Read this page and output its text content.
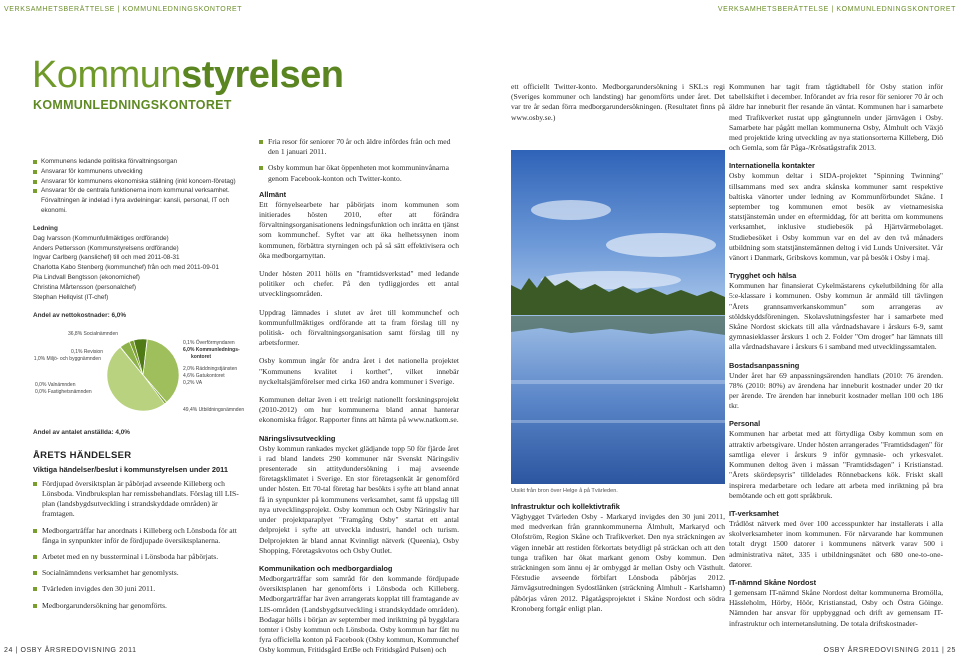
VERKSAMHETSBERÄTTELSE | KOMMUNLEDNINGSKONTORET	VERKSAMHETSBERÄTTELSE | KOMMUNLEDNINGSKONTORET
Kommunstyrelsen
KOMMUNLEDNINGSKONTORET
Kommunens ledande politiska förvaltningsorgan
Ansvarar för kommunens utveckling
Ansvarar för kommunens ekonomiska ställning (inkl koncern-företag)
Ansvarar för de centrala funktionerna inom kommunal verksamhet. Förvaltningen är indelad i fyra avdelningar: kansli, personal, IT och ekonomi.
Ledning
Dag Ivarsson (Kommunfullmäktiges ordförande)
Anders Pettersson (Kommunstyrelsens ordförande)
Ingvar Carlberg (kanslichef) till och med 2011-08-31
Charlotta Kabo Stenberg (kommunchef) från och med 2011-09-01
Pia Lindvall Bengtsson (ekonomichef)
Christina Mårtensson (personalchef)
Stephan Hellqvist (IT-chef)
Andel av nettokostnader: 6,0%
36,8% Socialnämnden
0,1% Revision
1,0% Miljö- och byggnämnden
0,0% Valnämnden
0,0% Fastighetsnämnden
49,4% Utbildningsnämnden
0,2% VA
4,6% Gatukontoret
2,0% Räddningstjänsten
0,1% Överförmyndaren
6,0% Kommunlednings-
kontoret
Andel av antalet anställda: 4,0%
ÅRETS HÄNDELSER
Viktiga händelser/beslut i kommunstyrelsen under 2011
Fördjupad översiktsplan är påbörjad avseende Killeberg och Lönsboda. Vindbruksplan har remissbehandlats. Förslag till LIS-plan (landsbygdsutveckling i strandskyddade områden) är framtagen.
Medborgarträffar har anordnats i Killeberg och Lönsboda för att fånga in synpunkter inför de fördjupade översiktsplanerna.
Arbetet med en ny bussterminal i Lönsboda har påbörjats.
Socialnämndens verksamhet har genomlysts.
Tvärleden invigdes den 30 juni 2011.
Medborgarundersökning har genomförts.
Fria resor för seniorer 70 år och äldre infördes från och med den 1 januari 2011.
Osby kommun har ökat öppenheten mot kommuninvånarna genom Facebook-konton och Twitter-konto.
Allmänt

Ett förnyelsearbete har påbörjats inom kommunen som initierades hösten 2010, efter att förändra förvaltningsorganisationens ledningsfunktion och inrätta en tjänst som kommunchef. Syftet var att öka helhetssynen inom kommunen, förbättra styrningen och på så sätt effektivisera och öka medborgarnyttan.

Under hösten 2011 hölls en "framtidsverkstad" med ledande politiker och chefer. På den tydliggjordes ett antal utvecklingsområden.

Uppdrag lämnades i slutet av året till kommunchef och kommunfullmäktiges ordförande att ta fram förslag till ny politisk- och förvaltningsorganisation samt förslag till ny arbetsformer.

Osby kommun ingår för andra året i det nationella projektet "Kommunens kvalitet i korthet", vilket innebär nyckeltalsjämförelser med cirka 160 andra kommuner i Sverige.

Kommunen deltar även i ett treårigt nationellt forskningsprojekt (2010-2012) om hur kommunerna bland annat hanterar ekonomiska frågor. Rapporter finns att hämta på www.natkom.se.

Näringslivsutveckling

Osby kommun rankades mycket glädjande topp 50 för fjärde året i rad bland landets 290 kommuner när Svenskt Näringsliv presenterade sin attitydundersökning i maj avseende företagsklimatet i Sverige. En stor företagsenkät är genomförd under hösten. Ett 70-tal företag har besökts i syfte att bland annat få in synpunkter på kommunens verksamhet, samt få uppslag till nya utvecklingsprojekt. Osby kommun och Osby Näringsliv har under projektparaplyet "Framgång Osby" startat ett antal delprojekt i syfte att utveckla industri, handel och turism. Delprojekten är bland annat Kvinnligt nätverk (Queenia), Osby Shopping, Företagskvotos och Osby Outlet.

Kommunikation och medborgardialog

Medborgarträffar som samråd för den kommande fördjupade översiktsplanen har genomförts i Lönsboda och Killeberg. Medborgarträffar har även arrangerats kopplat till framtagande av LIS-områden (Landsbygdsutveckling i strandskyddade områden). Bodagar hölls i början av september med inriktning på byggklara tomter i Osby kommun och Lönsboda. Osby kommun har fått nu fyra officiella konton på Facebook (Osby kommun, Kommunchef Osby kommun, Fritidsgård ErtBe och Fritidsgård Pulsen) och

ett officiellt Twitter-konto. Medborgarundersökning i SKL:s regi (Sveriges kommuner och landsting) har genomförts under året. Det var tre år sedan förra medborgarundersökningen. (Resultatet finns på www.osby.se.)

Utsikt från bron över Helge å på Tvärleden.
Infrastruktur och kollektivtrafik

Vägbygget Tvärleden Osby - Markaryd invigdes den 30 juni 2011, med medverkan från grannkommunerna Älmhult, Markaryd och Olofström, Region Skåne och Trafikverket. Den nya sträckningen av vägen innebär att restiden förkortats betydligt på sträckan och att den tunga trafiken har ökat markant genom Osby kommun. Den sträckningen som ännu ej är ombyggd är mellan Osby och Västhult. Förstudie avseende förbifart Lönsboda påbörjas 2012. Järnvägsutredningen Sydostlänken (sträckning Älmhult - Karlshamn) påbörjas våren 2012. Pågatågsprojektet i Skåne Nordost och södra Kronoberg fortgår enligt plan.

Kommunen har tagit fram tågtidtabell för Osby station inför tabellskiftet i december. Införandet av fria resor för seniorer 70 år och äldre har inneburit fler resande än väntat. Kommunen har i samarbete med Trafikverket rustat upp gångtunneln under järnvägen i Osby. Samarbete har pågått mellan kommunerna Osby, Älmhult och Växjö med projektide kring utveckling av nya stationsorterna Killeberg, Diö och Gemla, som får Påga-/Krösatågstrafik 2013.

Internationella kontakter

Osby kommun deltar i SIDA-projektet "Spinning Twinning" tillsammans med sex andra skånska kommuner samt respektive baltiska vänorter under ledning av Kommunförbundet Skåne. I september tog kommunen emot besök av vietnamesiska statstjänstemän under en eftermiddag, för att beritta om kommunens verksamhet, inklusive studiebesök på Hjärtvärmebolaget. Studiebesöket i Osby kommun var en del av den två månaders utbildning som statstjänstemännen deltog i vid Lunds Universitet. Vår vänort i Danmark, Gribskovs kommun, var på besök i Osby i maj.

Trygghet och hälsa

Kommunen har finansierat Cykelmästarens cykelutbildning för alla 5:e-klassare i kommunen. Osby kommun är anmäld till tävlingen "Årets grannsamverkanskommun" som arrangeras av stöldskyddsföreningen. Skolavslutningsfester har i samarbete med Skåne Nordost skickats till alla vårdnadshavare i årskurs 6-9, samt gymnasieklasser årskurs 1 och 2. Folder "Om droger" har lämnats till alla vårdnadshavare i årskurs 6 i samband med utvecklingssamtalen.

Bostadsanpassning

Under året har 69 anpassningsärenden handlats (2010: 76 ärenden. 78% (2010: 80%) av ärendena har inneburit kostnader under 20 tkr per ärende. Tre ärenden har inneburit kostnader mellan 100 och 186 tkr.

Personal

Kommunen har arbetat med att förtydliga Osby kommun som en attraktiv arbetsgivare. Under hösten arrangerades "Framtidsdagen" för samtliga elever i årskurs 9 inför gymnasie- och yrkesvalet. Kommunen deltog även i mässan "Framtidsdagen" i Kristianstad. "Årets skördepsyris" tilldelades Rönnebackens kök. Friskt skall inspirera medarbetare och ledare att arbeta med inriktning på bra bemötande och ett gott språkbruk.

IT-verksamhet

Trådlöst nätverk med över 100 accesspunkter har installerats i alla skolverksamheter inom kommunen. För närvarande har kommunen totalt drygt 1500 datorer i kommunens nätverk varav 500 i administrativa nätet, 335 i utbildningsnätet och 680 one-to-one-datorer.

IT-nämnd Skåne Nordost

I gemensam IT-nämnd Skåne Nordost deltar kommunerna Bromölla, Hässleholm, Hörby, Höör, Kristianstad, Osby och Östra Göinge. Nämnden har ansvar för uppbyggnad och drift av gemensam IT-infrastruktur och internetanslutning. De totala driftskostnader-

24 | OSBY ÅRSREDOVISNING 2011	OSBY ÅRSREDOVISNING 2011 | 25
